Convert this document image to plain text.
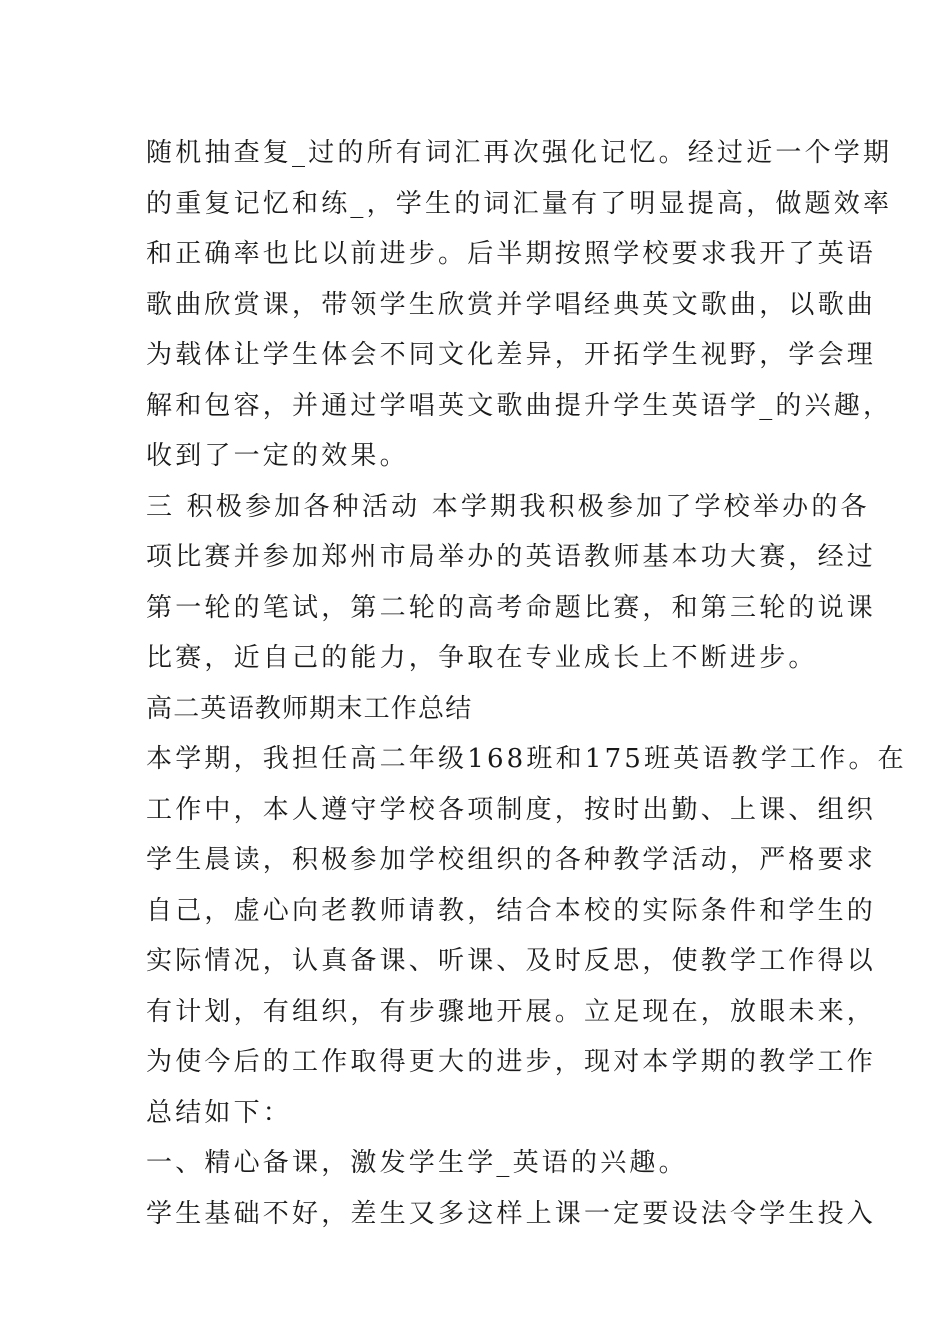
随机抽查复_过的所有词汇再次强化记忆。经过近一个学期
的重复记忆和练_，学生的词汇量有了明显提高，做题效率
和正确率也比以前进步。后半期按照学校要求我开了英语
歌曲欣赏课，带领学生欣赏并学唱经典英文歌曲，以歌曲
为载体让学生体会不同文化差异，开拓学生视野，学会理
解和包容，并通过学唱英文歌曲提升学生英语学_的兴趣，
收到了一定的效果。
三 积极参加各种活动 本学期我积极参加了学校举办的各
项比赛并参加郑州市局举办的英语教师基本功大赛，经过
第一轮的笔试，第二轮的高考命题比赛，和第三轮的说课
比赛，近自己的能力，争取在专业成长上不断进步。
高二英语教师期末工作总结
本学期，我担任高二年级168班和175班英语教学工作。在
工作中，本人遵守学校各项制度，按时出勤、上课、组织
学生晨读，积极参加学校组织的各种教学活动，严格要求
自己，虚心向老教师请教，结合本校的实际条件和学生的
实际情况，认真备课、听课、及时反思，使教学工作得以
有计划，有组织，有步骤地开展。立足现在，放眼未来，
为使今后的工作取得更大的进步，现对本学期的教学工作
总结如下：
一、精心备课，激发学生学_英语的兴趣。
学生基础不好，差生又多这样上课一定要设法令学生投入
